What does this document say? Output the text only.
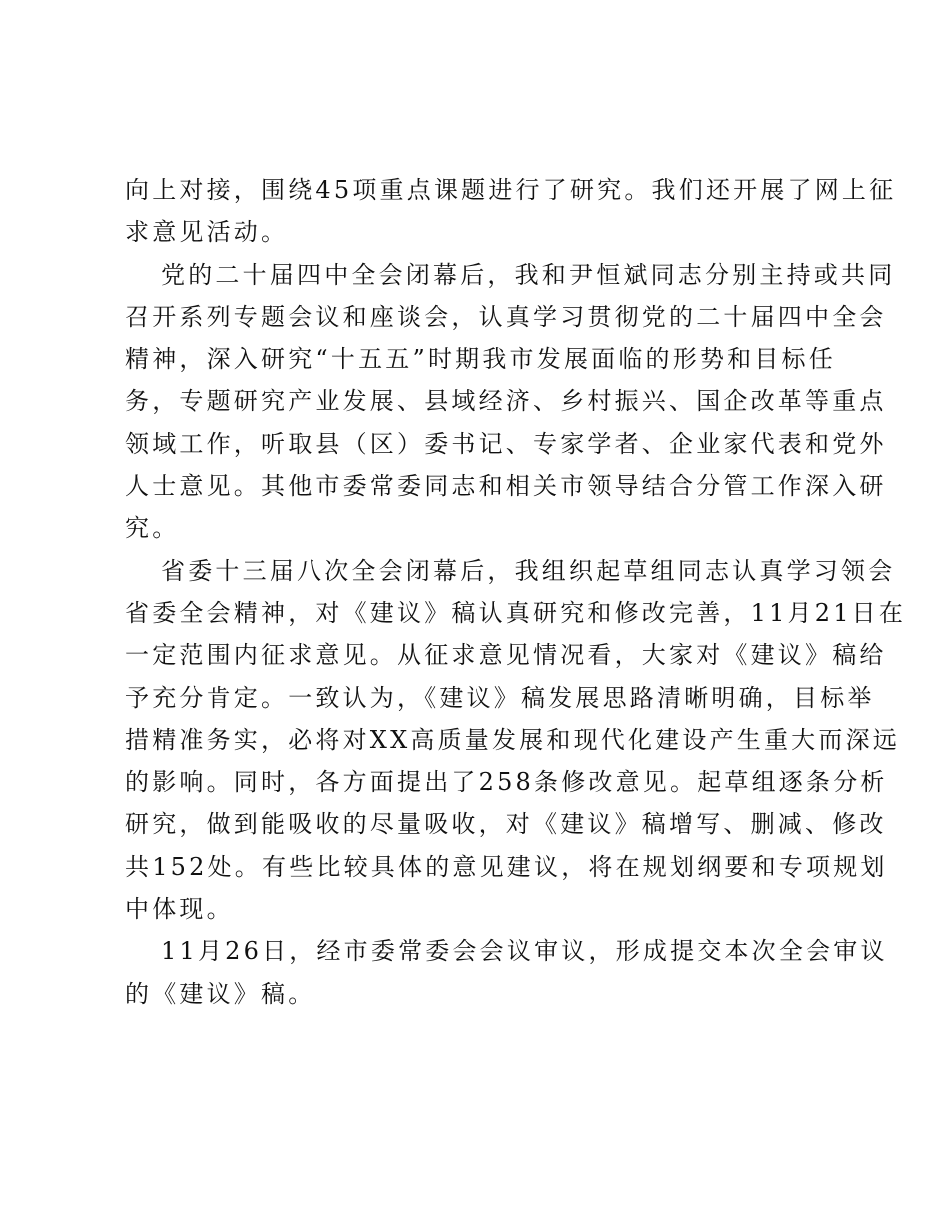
向上对接，围绕45项重点课题进行了研究。我们还开展了网上征
求意见活动。
党的二十届四中全会闭幕后，我和尹恒斌同志分别主持或共同
召开系列专题会议和座谈会，认真学习贯彻党的二十届四中全会
精神，深入研究“十五五”时期我市发展面临的形势和目标任
务，专题研究产业发展、县域经济、乡村振兴、国企改革等重点
领域工作，听取县（区）委书记、专家学者、企业家代表和党外
人士意见。其他市委常委同志和相关市领导结合分管工作深入研
究。
省委十三届八次全会闭幕后，我组织起草组同志认真学习领会
省委全会精神，对《建议》稿认真研究和修改完善，11月21日在
一定范围内征求意见。从征求意见情况看，大家对《建议》稿给
予充分肯定。一致认为，《建议》稿发展思路清晰明确，目标举
措精准务实，必将对XX高质量发展和现代化建设产生重大而深远
的影响。同时，各方面提出了258条修改意见。起草组逐条分析
研究，做到能吸收的尽量吸收，对《建议》稿增写、删减、修改
共152处。有些比较具体的意见建议，将在规划纲要和专项规划
中体现。
11月26日，经市委常委会会议审议，形成提交本次全会审议
的《建议》稿。
